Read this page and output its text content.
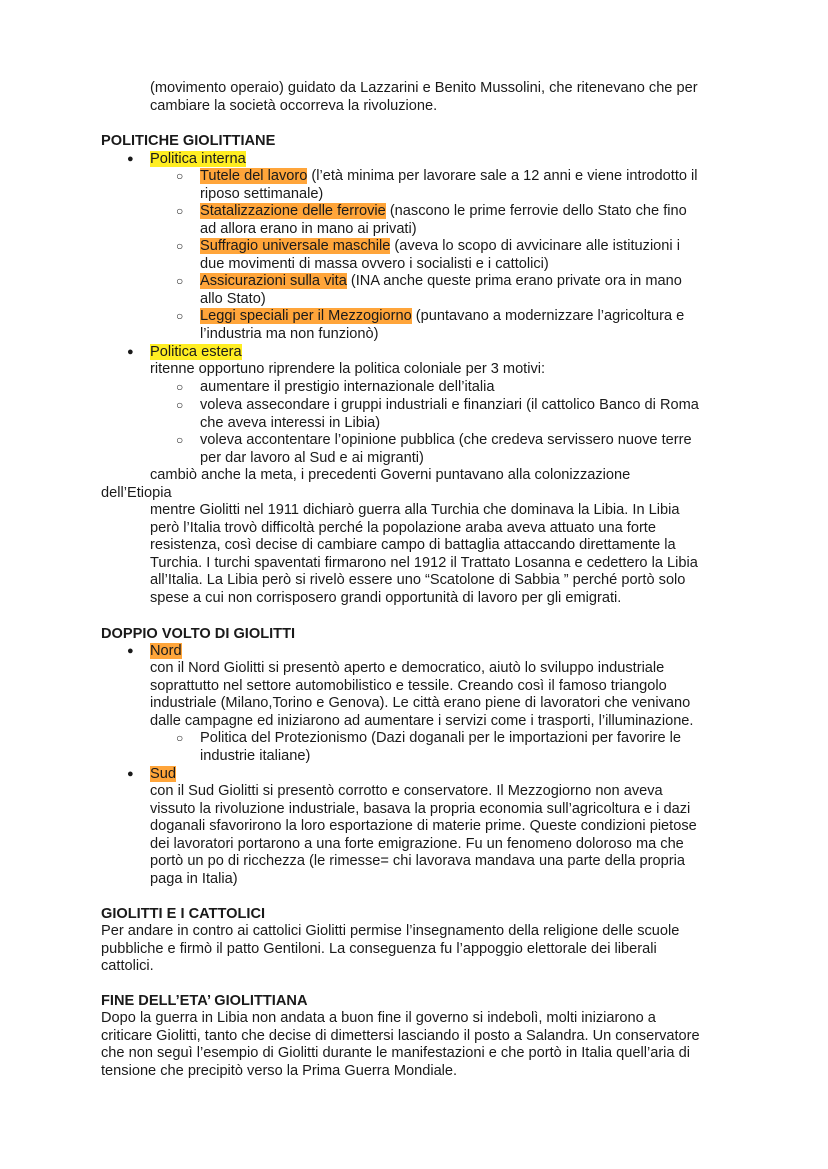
(movimento operaio) guidato da Lazzarini e Benito Mussolini, che ritenevano che per
cambiare la società occorreva la rivoluzione.
POLITICHE GIOLITTIANE
● Politica interna
○ Tutele del lavoro (l’età minima per lavorare sale a 12 anni e viene introdotto il
riposo settimanale)
○ Statalizzazione delle ferrovie (nascono le prime ferrovie dello Stato che fino
ad allora erano in mano ai privati)
○ Suffragio universale maschile (aveva lo scopo di avvicinare alle istituzioni i
due movimenti di massa ovvero i socialisti e i cattolici)
○ Assicurazioni sulla vita (INA anche queste prima erano private ora in mano
allo Stato)
○ Leggi speciali per il Mezzogiorno (puntavano a modernizzare l’agricoltura e
l’industria ma non funzionò)
● Politica estera
ritenne opportuno riprendere la politica coloniale per 3 motivi:
○ aumentare il prestigio internazionale dell’italia
○ voleva assecondare i gruppi industriali e finanziari (il cattolico Banco di Roma
che aveva interessi in Libia)
○ voleva accontentare l’opinione pubblica (che credeva servissero nuove terre
per dar lavoro al Sud e ai migranti)
cambiò anche la meta, i precedenti Governi puntavano alla colonizzazione
dell’Etiopia
mentre Giolitti nel 1911 dichiarò guerra alla Turchia che dominava la Libia. In Libia
però l’Italia trovò difficoltà perché la popolazione araba aveva attuato una forte
resistenza, così decise di cambiare campo di battaglia attaccando direttamente la
Turchia. I turchi spaventati firmarono nel 1912 il Trattato Losanna e cedettero la Libia
all’Italia. La Libia però si rivelò essere uno “Scatolone di Sabbia ” perché portò solo
spese a cui non corrisposero grandi opportunità di lavoro per gli emigrati.
DOPPIO VOLTO DI GIOLITTI
● Nord
con il Nord Giolitti si presentò aperto e democratico, aiutò lo sviluppo industriale
soprattutto nel settore automobilistico e tessile. Creando così il famoso triangolo
industriale (Milano,Torino e Genova). Le città erano piene di lavoratori che venivano
dalle campagne ed iniziarono ad aumentare i servizi come i trasporti, l’illuminazione.
○ Politica del Protezionismo (Dazi doganali per le importazioni per favorire le
industrie italiane)
● Sud
con il Sud Giolitti si presentò corrotto e conservatore. Il Mezzogiorno non aveva
vissuto la rivoluzione industriale, basava la propria economia sull’agricoltura e i dazi
doganali sfavorirono la loro esportazione di materie prime. Queste condizioni pietose
dei lavoratori portarono a una forte emigrazione. Fu un fenomeno doloroso ma che
portò un po di ricchezza (le rimesse= chi lavorava mandava una parte della propria
paga in Italia)
GIOLITTI E I CATTOLICI
Per andare in contro ai cattolici Giolitti permise l’insegnamento della religione delle scuole
pubbliche e firmò il patto Gentiloni. La conseguenza fu l’appoggio elettorale dei liberali
cattolici.
FINE DELL’ETA’ GIOLITTIANA
Dopo la guerra in Libia non andata a buon fine il governo si indebolì, molti iniziarono a
criticare Giolitti, tanto che decise di dimettersi lasciando il posto a Salandra. Un conservatore
che non seguì l’esempio di Giolitti durante le manifestazioni e che portò in Italia quell’aria di
tensione che precipitò verso la Prima Guerra Mondiale.
